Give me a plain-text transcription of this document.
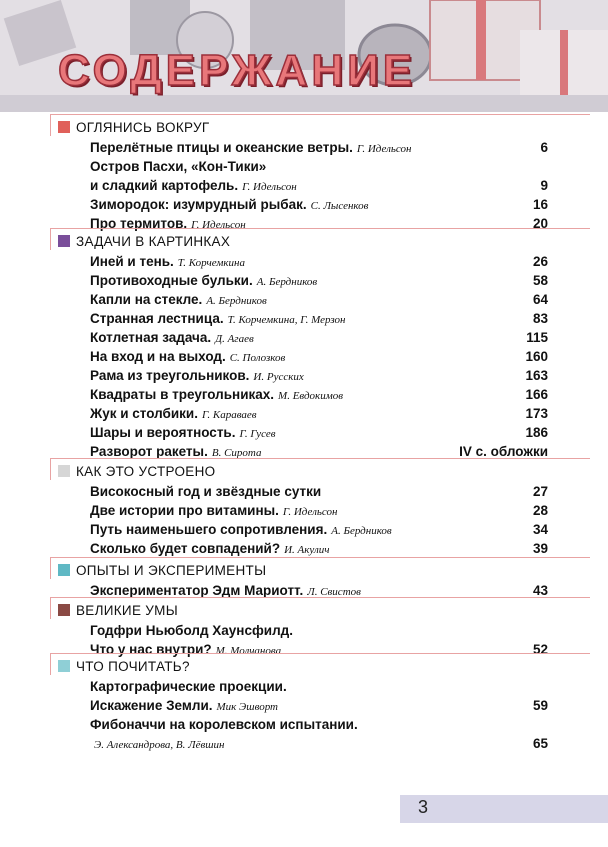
СОДЕРЖАНИЕ
3
ОГЛЯНИСЬ ВОКРУГ
Перелётные птицы и океанские ветры. Г. Идельсон	6
Остров Пасхи, «Кон-Тики»
и сладкий картофель. Г. Идельсон	9
Зимородок: изумрудный рыбак. С. Лысенков	16
Про термитов. Г. Идельсон	20
ЗАДАЧИ В КАРТИНКАХ
Иней и тень. Т. Корчемкина	26
Противоходные бульки. А. Бердников	58
Капли на стекле. А. Бердников	64
Странная лестница. Т. Корчемкина, Г. Мерзон	83
Котлетная задача. Д. Агаев	115
На вход и на выход. С. Полозков	160
Рама из треугольников. И. Русских	163
Квадраты в треугольниках. М. Евдокимов	166
Жук и столбики. Г. Караваев	173
Шары и вероятность. Г. Гусев	186
Разворот ракеты. В. Сирота	IV с. обложки
КАК ЭТО УСТРОЕНО
Високосный год и звёздные сутки	27
Две истории про витамины. Г. Идельсон	28
Путь наименьшего сопротивления. А. Бердников	34
Сколько будет совпадений? И. Акулич	39
ОПЫТЫ И ЭКСПЕРИМЕНТЫ
Экспериментатор Эдм Мариотт. Л. Свистов	43
ВЕЛИКИЕ УМЫ
Годфри Ньюболд Хаунсфилд.
Что у нас внутри? М. Молчанова	52
ЧТО ПОЧИТАТЬ?
Картографические проекции.
Искажение Земли. Мик Эшворт	59
Фибоначчи на королевском испытании.
Э. Александрова, В. Лёвшин	65
